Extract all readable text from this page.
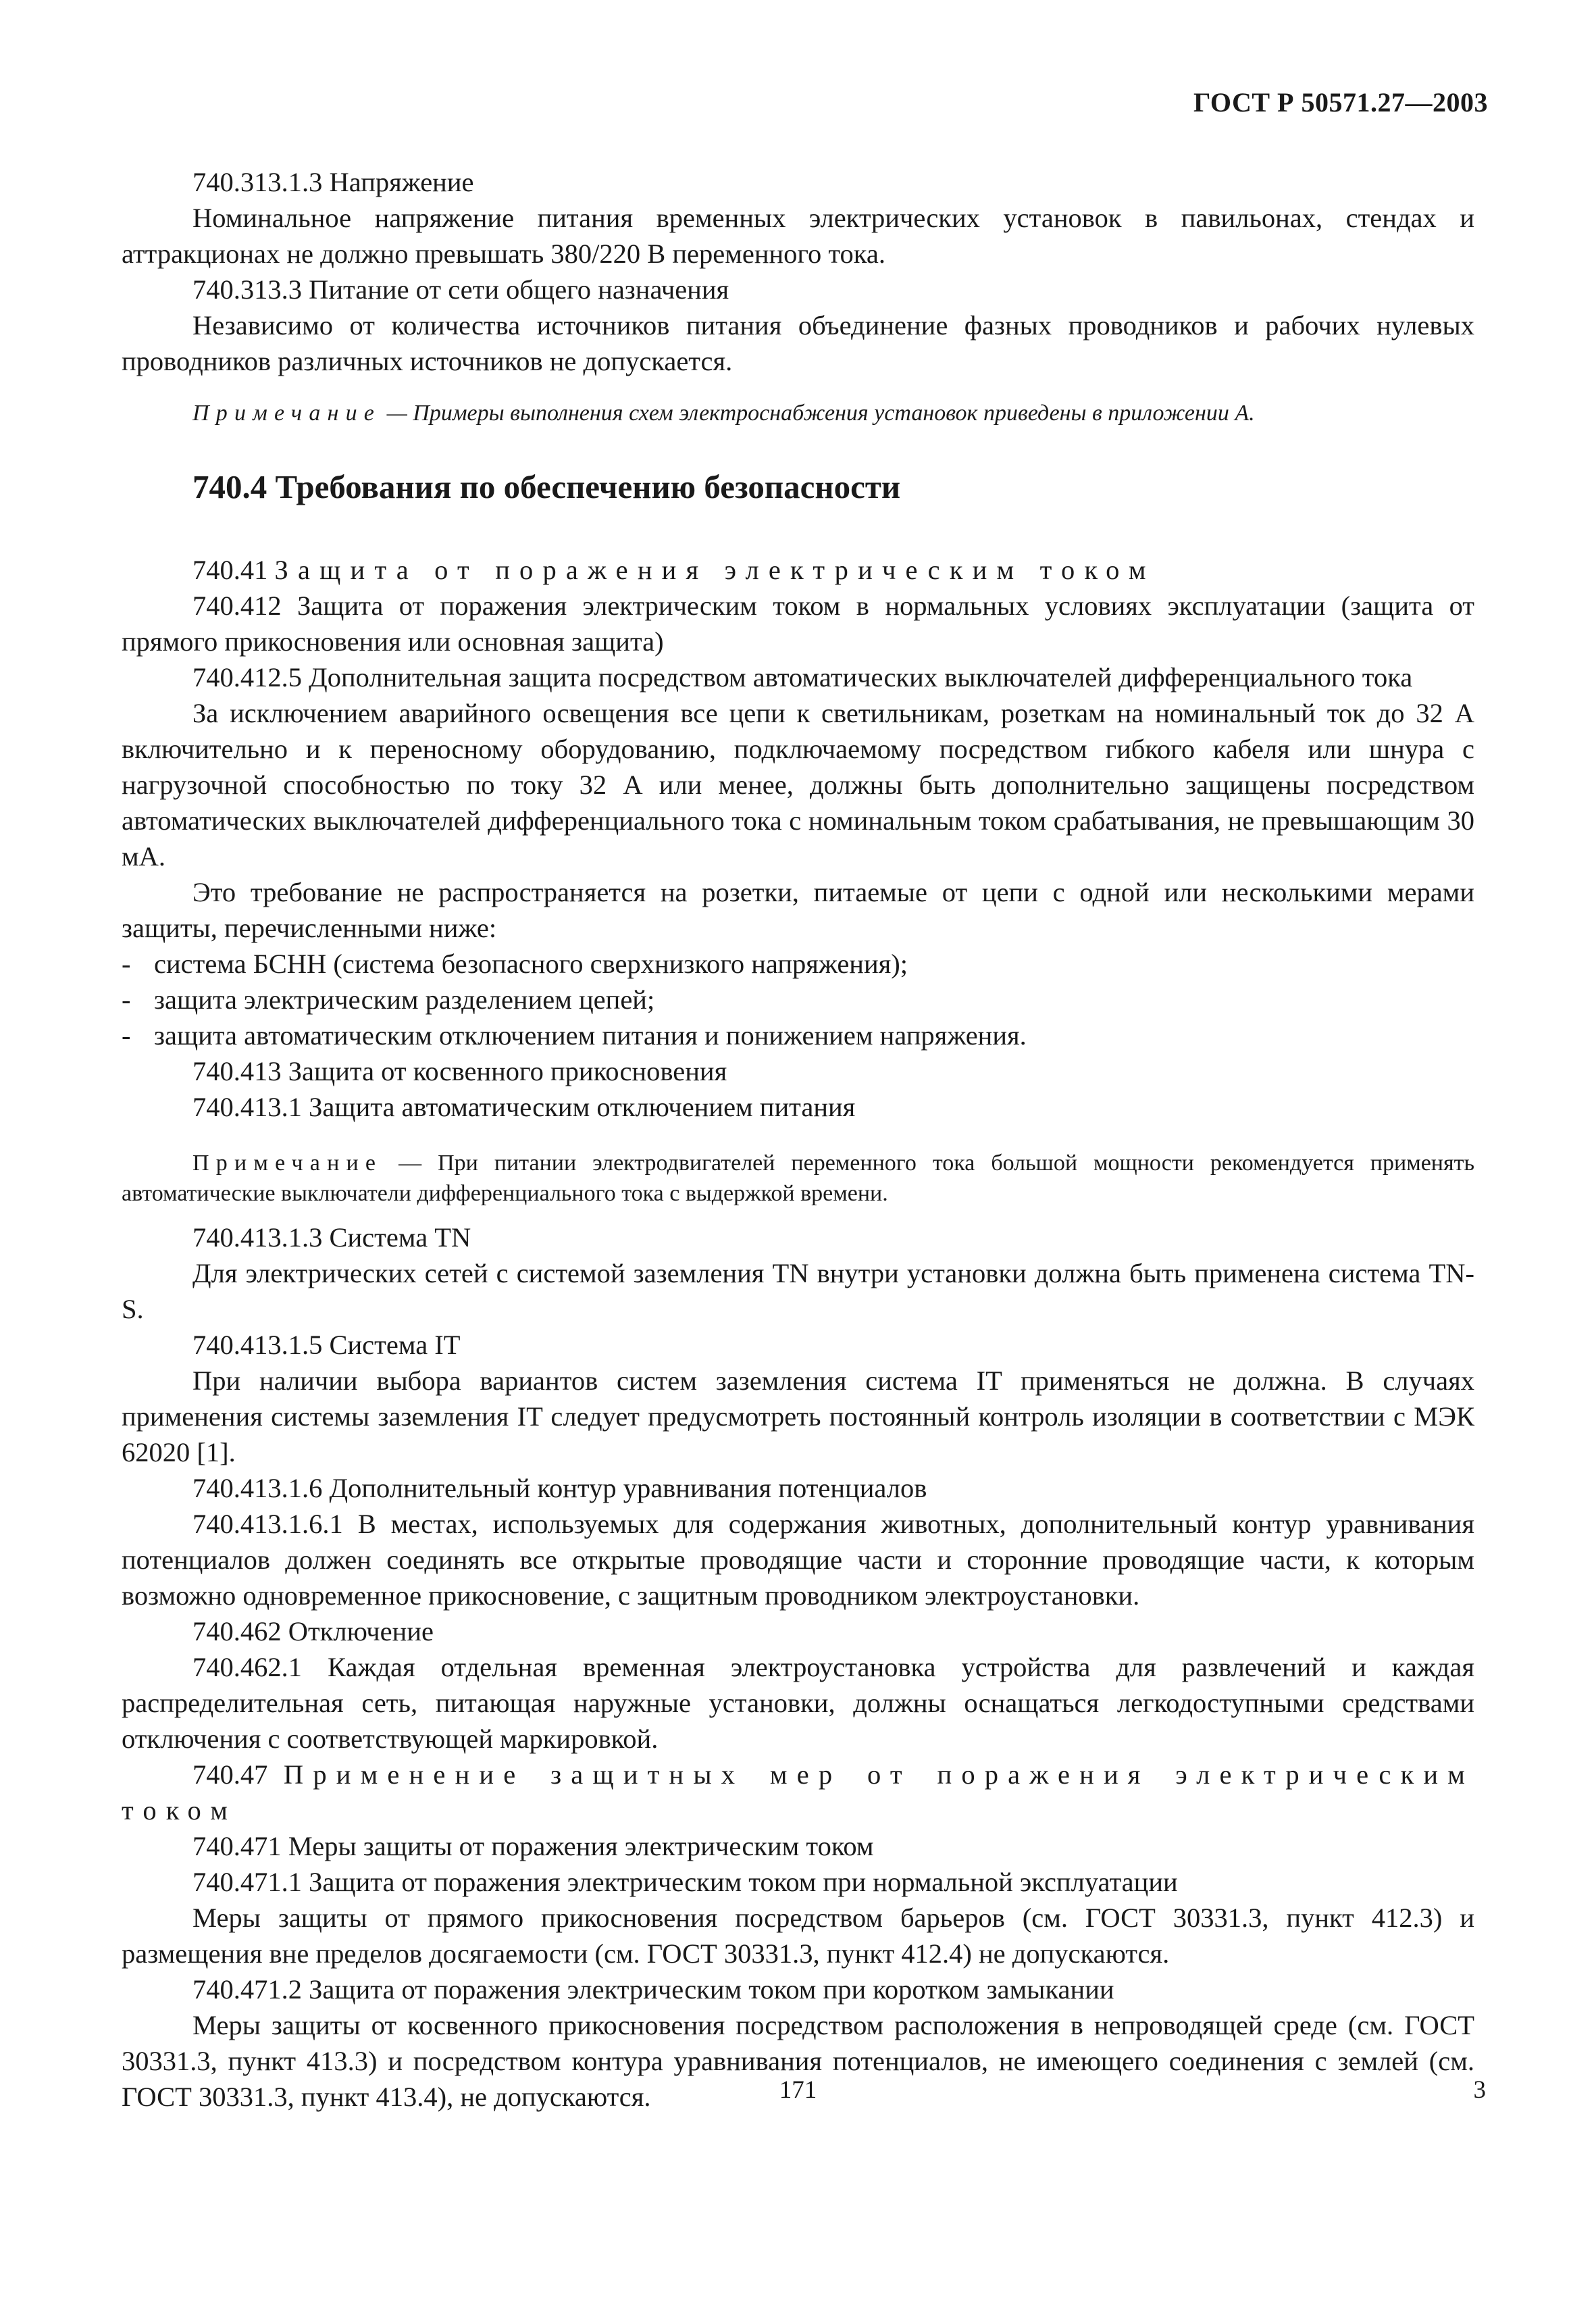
ГОСТ Р 50571.27—2003

740.313.1.3 Напряжение

Номинальное напряжение питания временных электрических установок в павильонах, стендах и аттракционах не должно превышать 380/220 В переменного тока.

740.313.3 Питание от сети общего назначения

Независимо от количества источников питания объединение фазных проводников и рабочих нулевых проводников различных источников не допускается.

Примечание — Примеры выполнения схем электроснабжения установок приведены в приложении А.

740.4 Требования по обеспечению безопасности

740.41 Защита от поражения электрическим током

740.412 Защита от поражения электрическим током в нормальных условиях эксплуатации (защита от прямого прикосновения или основная защита)

740.412.5 Дополнительная защита посредством автоматических выключателей дифференциального тока

За исключением аварийного освещения все цепи к светильникам, розеткам на номинальный ток до 32 А включительно и к переносному оборудованию, подключаемому посредством гибкого кабеля или шнура с нагрузочной способностью по току 32 А или менее, должны быть дополнительно защищены посредством автоматических выключателей дифференциального тока с номинальным током срабатывания, не превышающим 30 мА.

Это требование не распространяется на розетки, питаемые от цепи с одной или несколькими мерами защиты, перечисленными ниже:

- система БСНН (система безопасного сверхнизкого напряжения);

- защита электрическим разделением цепей;

- защита автоматическим отключением питания и понижением напряжения.

740.413 Защита от косвенного прикосновения

740.413.1 Защита автоматическим отключением питания

Примечание — При питании электродвигателей переменного тока большой мощности рекомендуется применять автоматические выключатели дифференциального тока с выдержкой времени.

740.413.1.3 Система TN

Для электрических сетей с системой заземления TN внутри установки должна быть применена система TN-S.

740.413.1.5 Система IT

При наличии выбора вариантов систем заземления система IT применяться не должна. В случаях применения системы заземления IT следует предусмотреть постоянный контроль изоляции в соответствии с МЭК 62020 [1].

740.413.1.6 Дополнительный контур уравнивания потенциалов

740.413.1.6.1 В местах, используемых для содержания животных, дополнительный контур уравнивания потенциалов должен соединять все открытые проводящие части и сторонние проводящие части, к которым возможно одновременное прикосновение, с защитным проводником электроустановки.

740.462 Отключение

740.462.1 Каждая отдельная временная электроустановка устройства для развлечений и каждая распределительная сеть, питающая наружные установки, должны оснащаться легкодоступными средствами отключения с соответствующей маркировкой.

740.47 Применение защитных мер от поражения электрическим током

740.471 Меры защиты от поражения электрическим током

740.471.1 Защита от поражения электрическим током при нормальной эксплуатации

Меры защиты от прямого прикосновения посредством барьеров (см. ГОСТ 30331.3, пункт 412.3) и размещения вне пределов досягаемости (см. ГОСТ 30331.3, пункт 412.4) не допускаются.

740.471.2 Защита от поражения электрическим током при коротком замыкании

Меры защиты от косвенного прикосновения посредством расположения в непроводящей среде (см. ГОСТ 30331.3, пункт 413.3) и посредством контура уравнивания потенциалов, не имеющего соединения с землей (см. ГОСТ 30331.3, пункт 413.4), не допускаются.	171	3
